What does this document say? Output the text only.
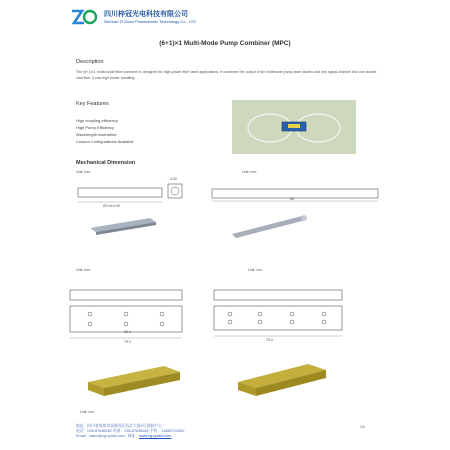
四川梓冠光电科技有限公司
Sichuan Zi Guan Photoelectric Technology Co., LTD
(6+1)×1 Multi-Mode Pump Combiner (MPC)
Description
The (6+1)×1 multi-mode fiber combiner is designed for high-power fiber laser applications. It combines the output of six multimode pump laser diodes and one signal channel into one double clad fiber. It has high power handling.
Key Features
High coupling efficiency
High Pump Efficiency
Wavelength insensitive
Custom Configurations Available
Mechanical Dimension
Unit: mm	Unit: mm
Ø4.6±0.05
4.00
86
Unit: mm	Unit: mm
55.0
75.0	75.0
Unit: mm
地址：四川省成都市高新西区西芯大道4号创新中心
电话：028-87838282 传真：028-87838282 手机：13880722892
Email：sales@zg-optics.com 网址：www.zg-optics.com
1/2
